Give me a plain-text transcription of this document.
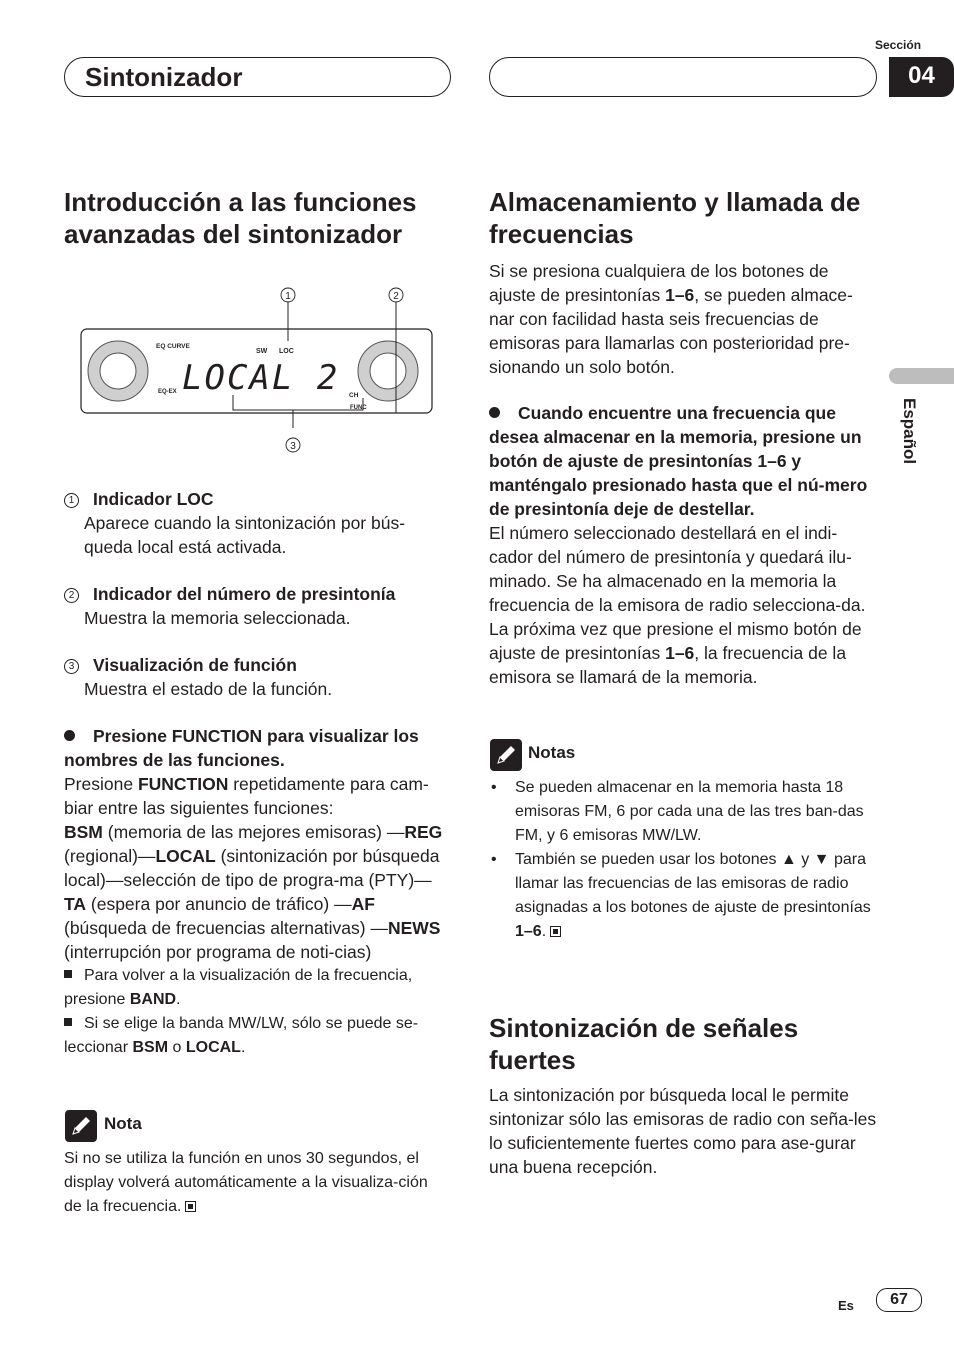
Sintonizador
Sección
04
Español
Introducción a las funciones avanzadas del sintonizador
EQ CURVE
EQ-EX
SW LOC
CH
FUNC
LOCAL 2
1	2
3
1 Indicador LOC
Aparece cuando la sintonización por bús-queda local está activada.
2 Indicador del número de presintonía
Muestra la memoria seleccionada.
3 Visualización de función
Muestra el estado de la función.
Presione FUNCTION para visualizar los nombres de las funciones.
Presione FUNCTION repetidamente para cam-biar entre las siguientes funciones:
BSM (memoria de las mejores emisoras) —REG (regional)—LOCAL (sintonización por búsqueda local)—selección de tipo de progra-ma (PTY)—TA (espera por anuncio de tráfico) —AF (búsqueda de frecuencias alternativas) —NEWS (interrupción por programa de noti-cias)
Para volver a la visualización de la frecuencia, presione BAND.
Si se elige la banda MW/LW, sólo se puede se-leccionar BSM o LOCAL.
Nota
Si no se utiliza la función en unos 30 segundos, el display volverá automáticamente a la visualiza-ción de la frecuencia.
Almacenamiento y llamada de frecuencias
Si se presiona cualquiera de los botones de ajuste de presintonías 1–6, se pueden almace-nar con facilidad hasta seis frecuencias de emisoras para llamarlas con posterioridad pre-sionando un solo botón.
Cuando encuentre una frecuencia que desea almacenar en la memoria, presione un botón de ajuste de presintonías 1–6 y manténgalo presionado hasta que el nú-mero de presintonía deje de destellar.
El número seleccionado destellará en el indi-cador del número de presintonía y quedará ilu-minado. Se ha almacenado en la memoria la frecuencia de la emisora de radio selecciona-da.
La próxima vez que presione el mismo botón de ajuste de presintonías 1–6, la frecuencia de la emisora se llamará de la memoria.
Notas
• Se pueden almacenar en la memoria hasta 18 emisoras FM, 6 por cada una de las tres ban-das FM, y 6 emisoras MW/LW.
• También se pueden usar los botones ▲ y ▼ para llamar las frecuencias de las emisoras de radio asignadas a los botones de ajuste de presintonías 1–6.
Sintonización de señales fuertes
La sintonización por búsqueda local le permite sintonizar sólo las emisoras de radio con seña-les lo suficientemente fuertes como para ase-gurar una buena recepción.
Es	67
